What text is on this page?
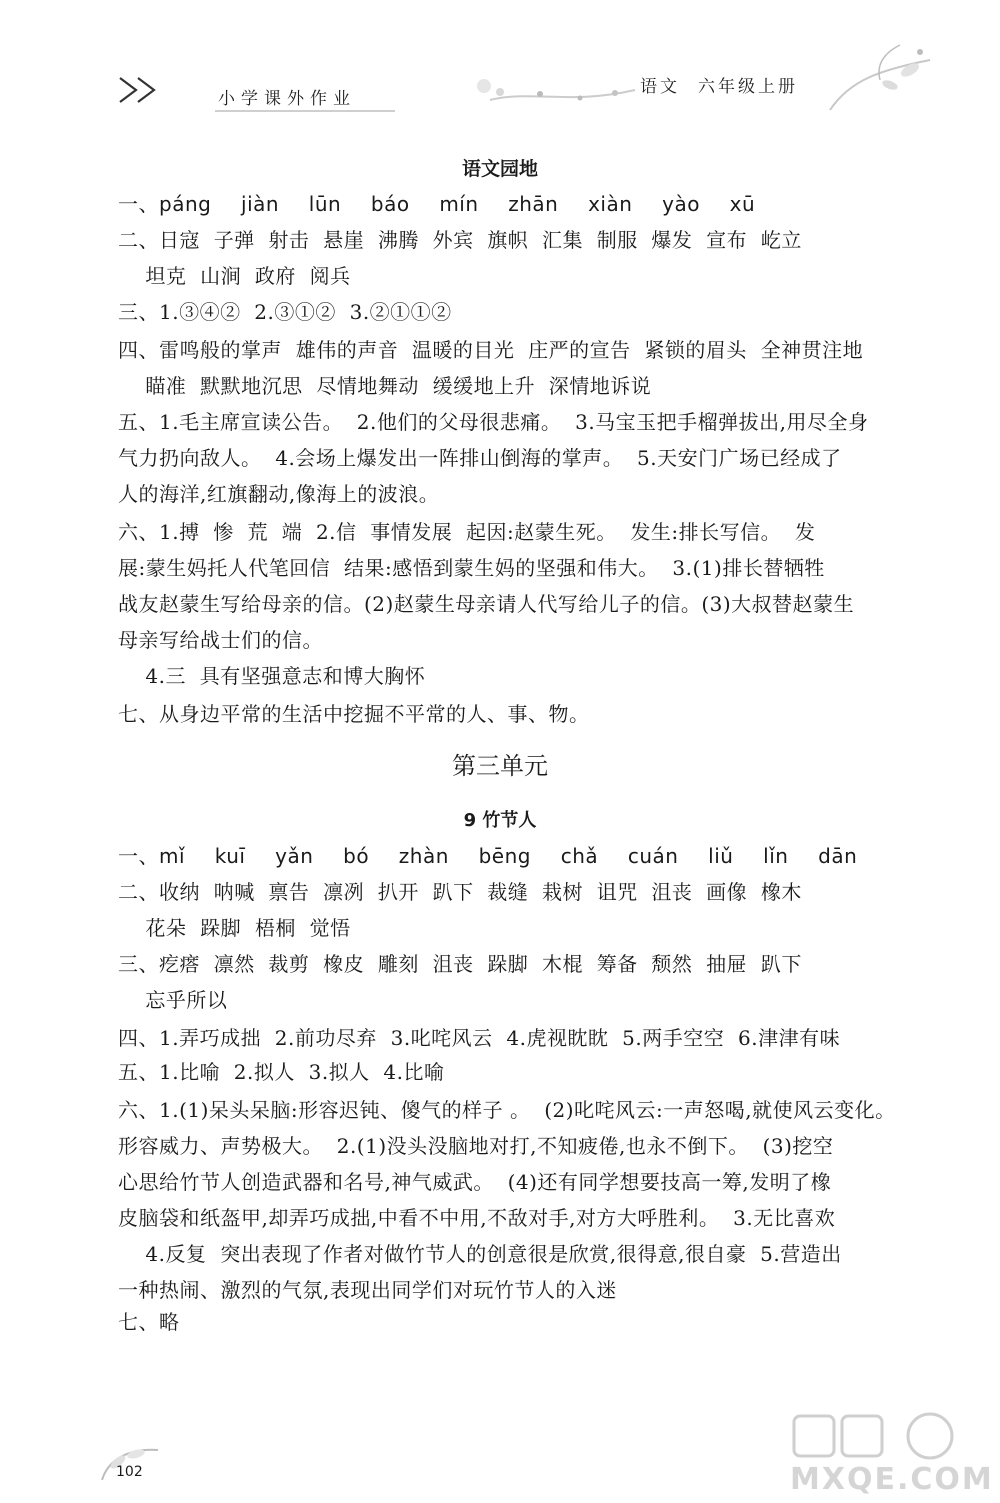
小学课外作业
语文 六年级上册
语文园地
一、páng  jiàn  lūn  báo  mín  zhān  xiàn  yào  xū
二、日寇  子弹  射击  悬崖  沸腾  外宾  旗帜  汇集  制服  爆发  宣布  屹立
坦克  山涧  政府  阅兵
三、1.③④②  2.③①②  3.②①①②
四、雷鸣般的掌声  雄伟的声音  温暖的目光  庄严的宣告  紧锁的眉头  全神贯注地
瞄准  默默地沉思  尽情地舞动  缓缓地上升  深情地诉说
五、1.毛主席宣读公告。  2.他们的父母很悲痛。  3.马宝玉把手榴弹拔出,用尽全身
气力扔向敌人。  4.会场上爆发出一阵排山倒海的掌声。  5.天安门广场已经成了
人的海洋,红旗翻动,像海上的波浪。
六、1.搏  惨  荒  端  2.信  事情发展  起因:赵蒙生死。  发生:排长写信。  发
展:蒙生妈托人代笔回信  结果:感悟到蒙生妈的坚强和伟大。  3.(1)排长替牺牲
战友赵蒙生写给母亲的信。(2)赵蒙生母亲请人代写给儿子的信。(3)大叔替赵蒙生
母亲写给战士们的信。
4.三  具有坚强意志和博大胸怀
七、从身边平常的生活中挖掘不平常的人、事、物。
第三单元
9 竹节人
一、mǐ  kuī  yǎn  bó  zhàn  bēng  chǎ  cuán  liǔ  lǐn  dān
二、收纳  呐喊  禀告  凛冽  扒开  趴下  裁缝  栽树  诅咒  沮丧  画像  橡木
花朵  跺脚  梧桐  觉悟
三、疙瘩  凛然  裁剪  橡皮  雕刻  沮丧  跺脚  木棍  筹备  颓然  抽屉  趴下
忘乎所以
四、1.弄巧成拙  2.前功尽弃  3.叱咤风云  4.虎视眈眈  5.两手空空  6.津津有味
五、1.比喻  2.拟人  3.拟人  4.比喻
六、1.(1)呆头呆脑:形容迟钝、傻气的样子 。  (2)叱咤风云:一声怒喝,就使风云变化。
形容威力、声势极大。  2.(1)没头没脑地对打,不知疲倦,也永不倒下。  (3)挖空
心思给竹节人创造武器和名号,神气威武。  (4)还有同学想要技高一筹,发明了橡
皮脑袋和纸盔甲,却弄巧成拙,中看不中用,不敌对手,对方大呼胜利。  3.无比喜欢
4.反复  突出表现了作者对做竹节人的创意很是欣赏,很得意,很自豪  5.营造出
一种热闹、激烈的气氛,表现出同学们对玩竹节人的入迷
七、略
102	MXQE.COM
